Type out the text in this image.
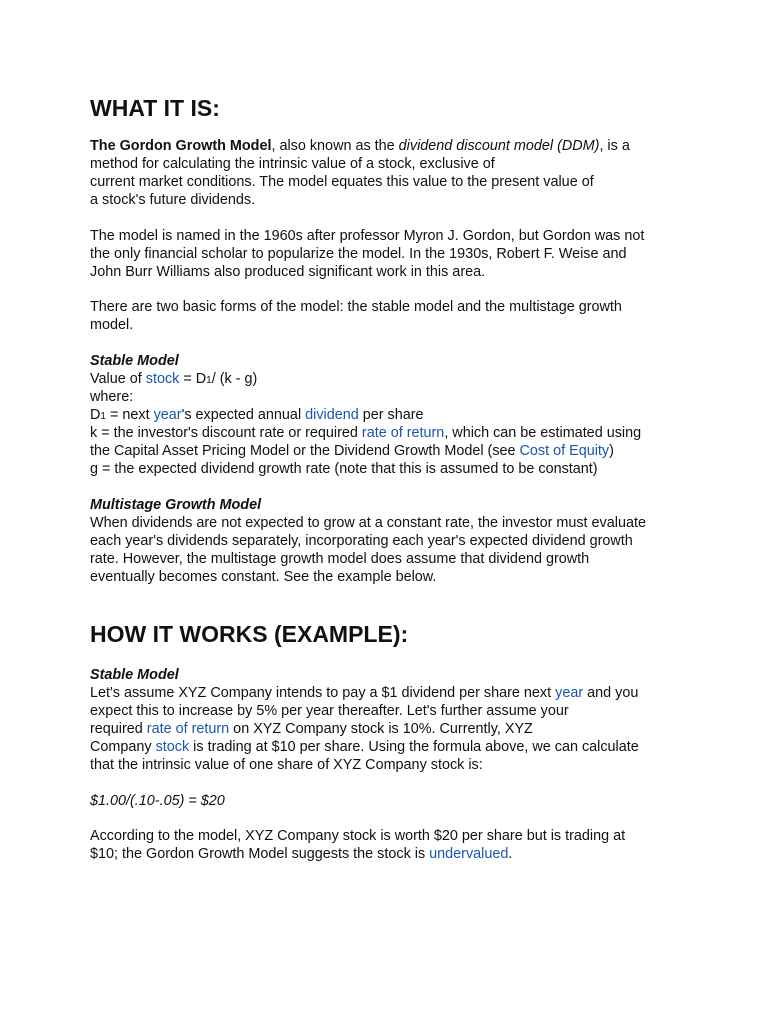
WHAT IT IS:
The Gordon Growth Model, also known as the dividend discount model (DDM), is a
method for calculating the intrinsic value of a stock, exclusive of
current market conditions. The model equates this value to the present value of
a stock's future dividends.
The model is named in the 1960s after professor Myron J. Gordon, but Gordon was not
the only financial scholar to popularize the model. In the 1930s, Robert F. Weise and
John Burr Williams also produced significant work in this area.
There are two basic forms of the model: the stable model and the multistage growth
model.
Stable Model
Value of stock = D1/ (k - g)
where:
D1 = next year's expected annual dividend per share
k = the investor's discount rate or required rate of return, which can be estimated using
the Capital Asset Pricing Model or the Dividend Growth Model (see Cost of Equity)
g = the expected dividend growth rate (note that this is assumed to be constant)
Multistage Growth Model
When dividends are not expected to grow at a constant rate, the investor must evaluate
each year's dividends separately, incorporating each year's expected dividend growth
rate. However, the multistage growth model does assume that dividend growth
eventually becomes constant. See the example below.
HOW IT WORKS (EXAMPLE):
Stable Model
Let's assume XYZ Company intends to pay a $1 dividend per share next year and you
expect this to increase by 5% per year thereafter. Let's further assume your
required rate of return on XYZ Company stock is 10%. Currently, XYZ
Company stock is trading at $10 per share. Using the formula above, we can calculate
that the intrinsic value of one share of XYZ Company stock is:
$1.00/(.10-.05) = $20
According to the model, XYZ Company stock is worth $20 per share but is trading at
$10; the Gordon Growth Model suggests the stock is undervalued.
